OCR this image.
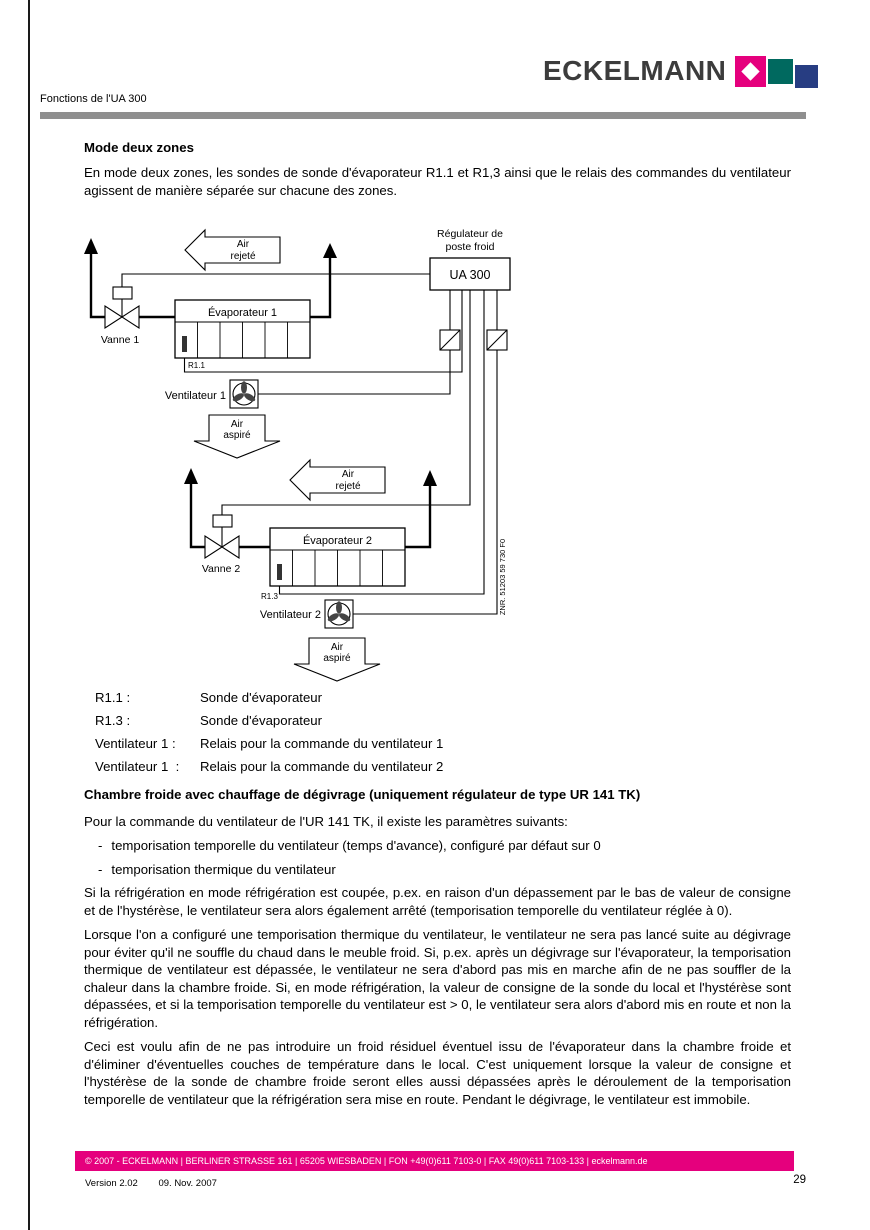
ECKELMANN
Fonctions de l'UA 300
Mode deux zones
En mode deux zones, les sondes de sonde d'évaporateur R1.1 et R1,3 ainsi que le relais des commandes du ventilateur agissent de manière séparée sur chacune des zones.
Régulateur de
poste froid
UA 300
Air
rejeté
Vanne 1
Évaporateur 1
R1.1
Ventilateur 1
Air
aspiré
Air
rejeté
Vanne 2
Évaporateur 2
R1.3
Ventilateur 2
Air
aspiré
ZNR. 51203 59 730 F0
R1.1 :	Sonde d'évaporateur
R1.3 :	Sonde d'évaporateur
Ventilateur 1 :	Relais pour la commande du ventilateur 1
Ventilateur 1  :	Relais pour la commande du ventilateur 2
Chambre froide avec chauffage de dégivrage (uniquement régulateur de type UR 141 TK)

Pour la commande du ventilateur de l'UR 141 TK, il existe les paramètres suivants:

- temporisation temporelle du ventilateur (temps d'avance), configuré par défaut sur 0
- temporisation thermique du ventilateur

Si la réfrigération en mode réfrigération est coupée, p.ex. en raison d'un dépassement par le bas de valeur de consigne et de l'hystérèse, le ventilateur sera alors également arrêté (temporisation temporelle du ventilateur réglée à 0).

Lorsque l'on a configuré une temporisation thermique du ventilateur, le ventilateur ne sera pas lancé suite au dégivrage pour éviter qu'il ne souffle du chaud dans le meuble froid. Si, p.ex. après un dégivrage sur l'évaporateur, la temporisation thermique de ventilateur est dépassée, le ventilateur ne sera d'abord pas mis en marche afin de ne pas souffler de la chaleur dans la chambre froide. Si, en mode réfrigération, la valeur de consigne de la sonde du local et l'hystérèse sont dépassées, et si la temporisation temporelle du ventilateur est > 0, le ventilateur sera alors d'abord mis en route et non la réfrigération.

Ceci est voulu afin de ne pas introduire un froid résiduel éventuel issu de l'évaporateur dans la chambre froide et d'éliminer d'éventuelles couches de température dans le local. C'est uniquement lorsque la valeur de consigne et l'hystérèse de la sonde de chambre froide seront elles aussi dépassées après le déroulement de la temporisation temporelle de ventilateur que la réfrigération sera mise en route. Pendant le dégivrage, le ventilateur est immobile.

© 2007 - ECKELMANN | BERLINER STRASSE 161 | 65205 WIESBADEN | FON +49(0)611 7103-0 | FAX 49(0)611 7103-133 | eckelmann.de
Version 2.02 09. Nov. 2007	29
